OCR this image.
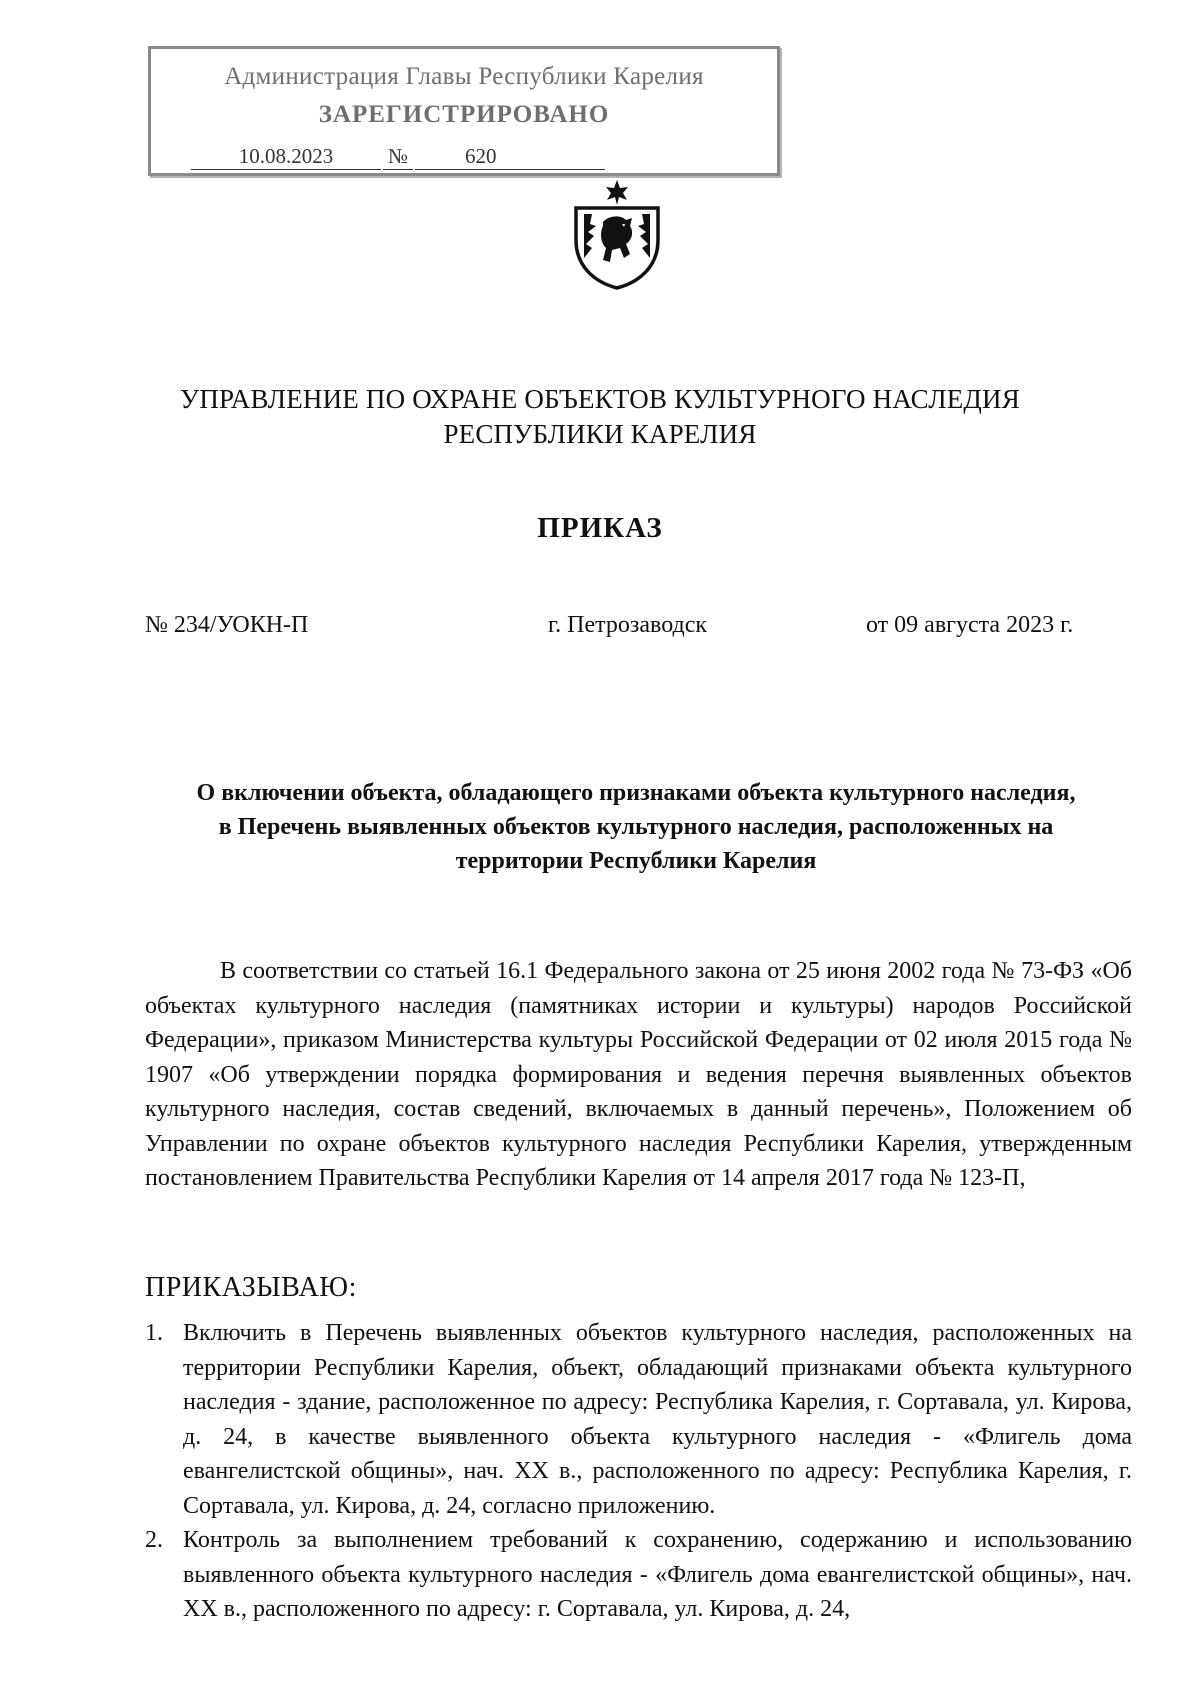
Администрация Главы Республики Карелия
ЗАРЕГИСТРИРОВАНО
10.08.2023	№	620
УПРАВЛЕНИЕ ПО ОХРАНЕ ОБЪЕКТОВ КУЛЬТУРНОГО НАСЛЕДИЯ
РЕСПУБЛИКИ КАРЕЛИЯ
ПРИКАЗ
№ 234/УОКН-П	г. Петрозаводск	от 09 августа 2023 г.
О включении объекта, обладающего признаками объекта культурного наследия,
в Перечень выявленных объектов культурного наследия, расположенных на
территории Республики Карелия
В соответствии со статьей 16.1 Федерального закона от 25 июня 2002 года № 73-ФЗ «Об объектах культурного наследия (памятниках истории и культуры) народов Российской Федерации», приказом Министерства культуры Российской Федерации от 02 июля 2015 года № 1907 «Об утверждении порядка формирования и ведения перечня выявленных объектов культурного наследия, состав сведений, включаемых в данный перечень», Положением об Управлении по охране объектов культурного наследия Республики Карелия, утвержденным постановлением Правительства Республики Карелия от 14 апреля 2017 года № 123-П,
ПРИКАЗЫВАЮ:
1. Включить в Перечень выявленных объектов культурного наследия, расположенных на территории Республики Карелия, объект, обладающий признаками объекта культурного наследия - здание, расположенное по адресу: Республика Карелия, г. Сортавала, ул. Кирова, д. 24, в качестве выявленного объекта культурного наследия - «Флигель дома евангелистской общины», нач. XX в., расположенного по адресу: Республика Карелия, г. Сортавала, ул. Кирова, д. 24, согласно приложению.
2. Контроль за выполнением требований к сохранению, содержанию и использованию выявленного объекта культурного наследия - «Флигель дома евангелистской общины», нач. XX в., расположенного по адресу: г. Сортавала, ул. Кирова, д. 24,
